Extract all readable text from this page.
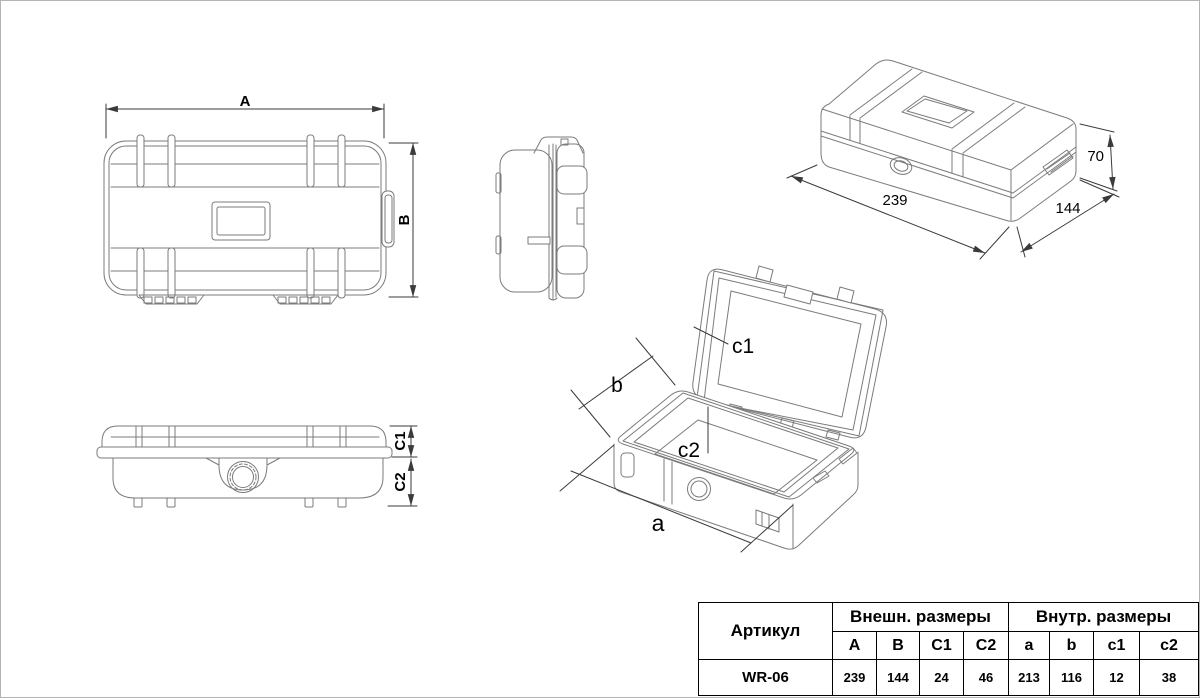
A
B
239	144
70
C1
C2
b
a
c1
c2
Артикул	Внешн. размеры				Внутр. размеры			
	A	B	C1	C2	a	b	c1	c2
WR-06	239	144	24	46	213	116	12	38
